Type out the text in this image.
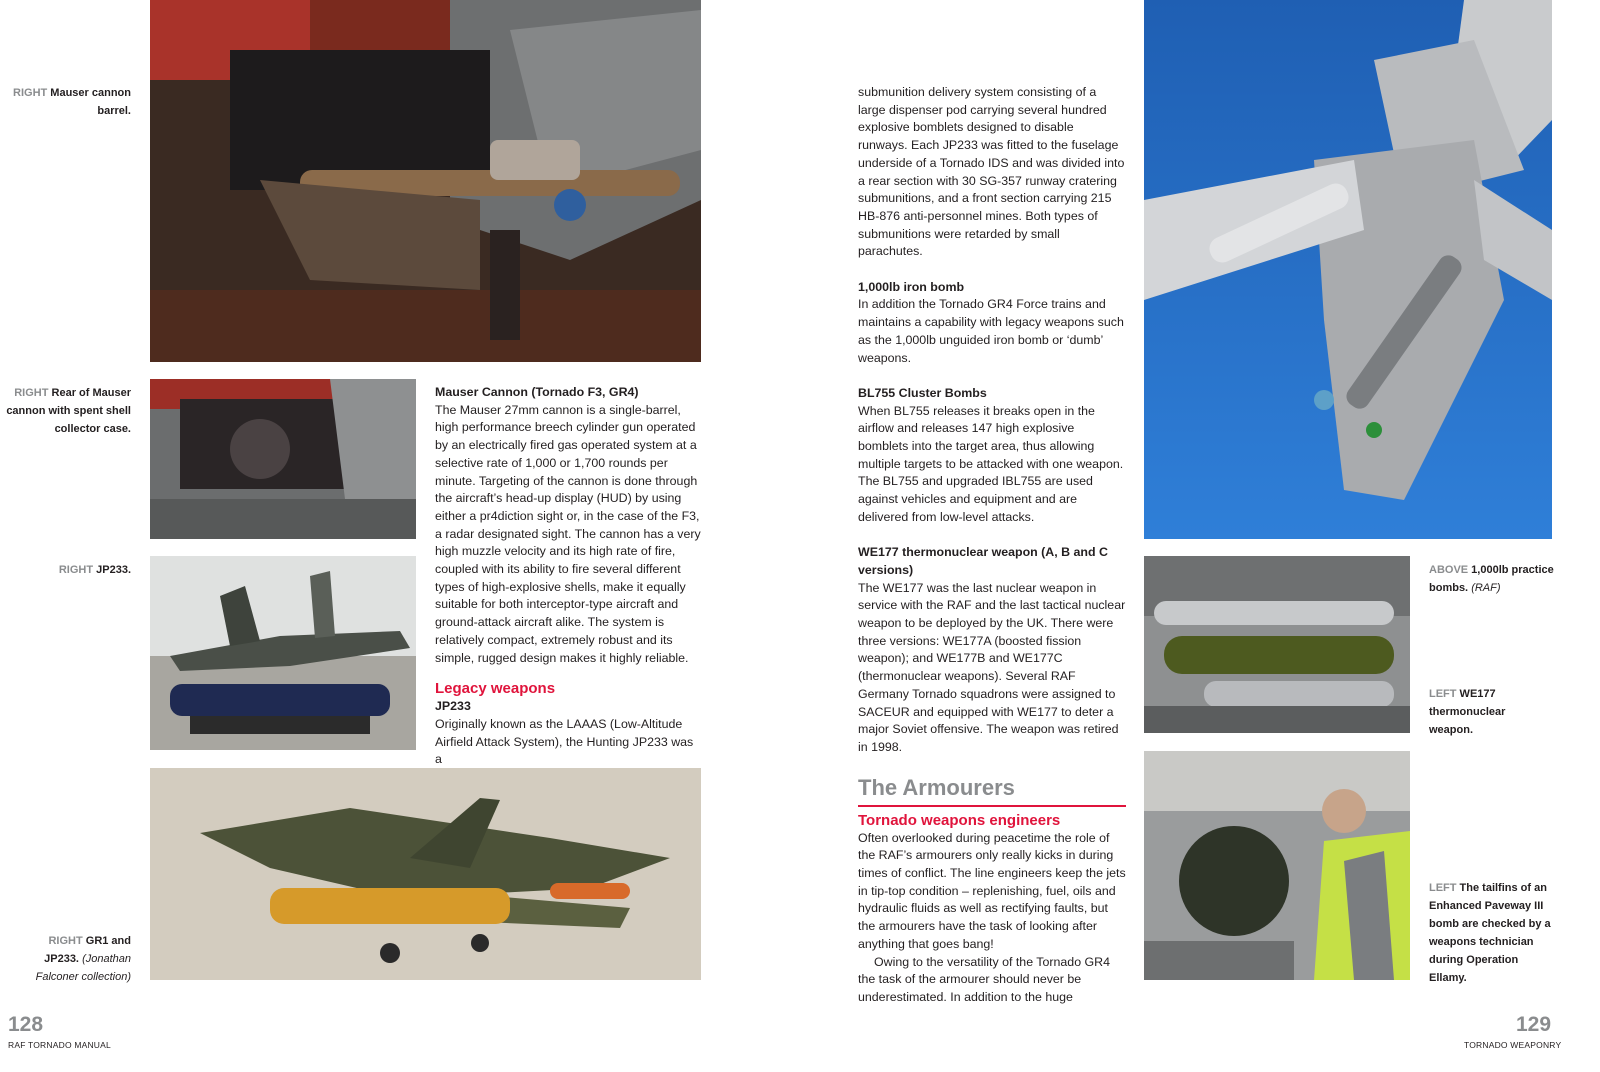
RIGHT Mauser cannon barrel.
RIGHT Rear of Mauser cannon with spent shell collector case.
RIGHT JP233.
RIGHT GR1 and JP233. (Jonathan Falconer collection)

Mauser Cannon (Tornado F3, GR4)

The Mauser 27mm cannon is a single-barrel, high performance breech cylinder gun operated by an electrically fired gas operated system at a selective rate of 1,000 or 1,700 rounds per minute. Targeting of the cannon is done through the aircraft’s head-up display (HUD) by using either a pr4diction sight or, in the case of the F3, a radar designated sight. The cannon has a very high muzzle velocity and its high rate of fire, coupled with its ability to fire several different types of high-explosive shells, make it equally suitable for both interceptor-type aircraft and ground-attack aircraft alike. The system is relatively compact, extremely robust and its simple, rugged design makes it highly reliable.

Legacy weapons

JP233

Originally known as the LAAAS (Low-Altitude Airfield Attack System), the Hunting JP233 was a

submunition delivery system consisting of a large dispenser pod carrying several hundred explosive bomblets designed to disable runways. Each JP233 was fitted to the fuselage underside of a Tornado IDS and was divided into a rear section with 30 SG-357 runway cratering submunitions, and a front section carrying 215 HB-876 anti-personnel mines. Both types of submunitions were retarded by small parachutes.

1,000lb iron bomb

In addition the Tornado GR4 Force trains and maintains a capability with legacy weapons such as the 1,000lb unguided iron bomb or ‘dumb’ weapons.

BL755 Cluster Bombs

When BL755 releases it breaks open in the airflow and releases 147 high explosive bomblets into the target area, thus allowing multiple targets to be attacked with one weapon. The BL755 and upgraded IBL755 are used against vehicles and equipment and are delivered from low-level attacks.

WE177 thermonuclear weapon (A, B and C versions)

The WE177 was the last nuclear weapon in service with the RAF and the last tactical nuclear weapon to be deployed by the UK. There were three versions: WE177A (boosted fission weapon); and WE177B and WE177C (thermonuclear weapons). Several RAF Germany Tornado squadrons were assigned to SACEUR and equipped with WE177 to deter a major Soviet offensive. The weapon was retired in 1998.

The Armourers

Tornado weapons engineers

Often overlooked during peacetime the role of the RAF’s armourers only really kicks in during times of conflict. The line engineers keep the jets in tip-top condition – replenishing, fuel, oils and hydraulic fluids as well as rectifying faults, but the armourers have the task of looking after anything that goes bang!

Owing to the versatility of the Tornado GR4 the task of the armourer should never be underestimated. In addition to the huge

ABOVE 1,000lb practice bombs. (RAF)
LEFT WE177 thermonuclear weapon.
LEFT The tailfins of an Enhanced Paveway III bomb are checked by a weapons technician during Operation Ellamy.
128
RAF TORNADO MANUAL
129
TORNADO WEAPONRY
